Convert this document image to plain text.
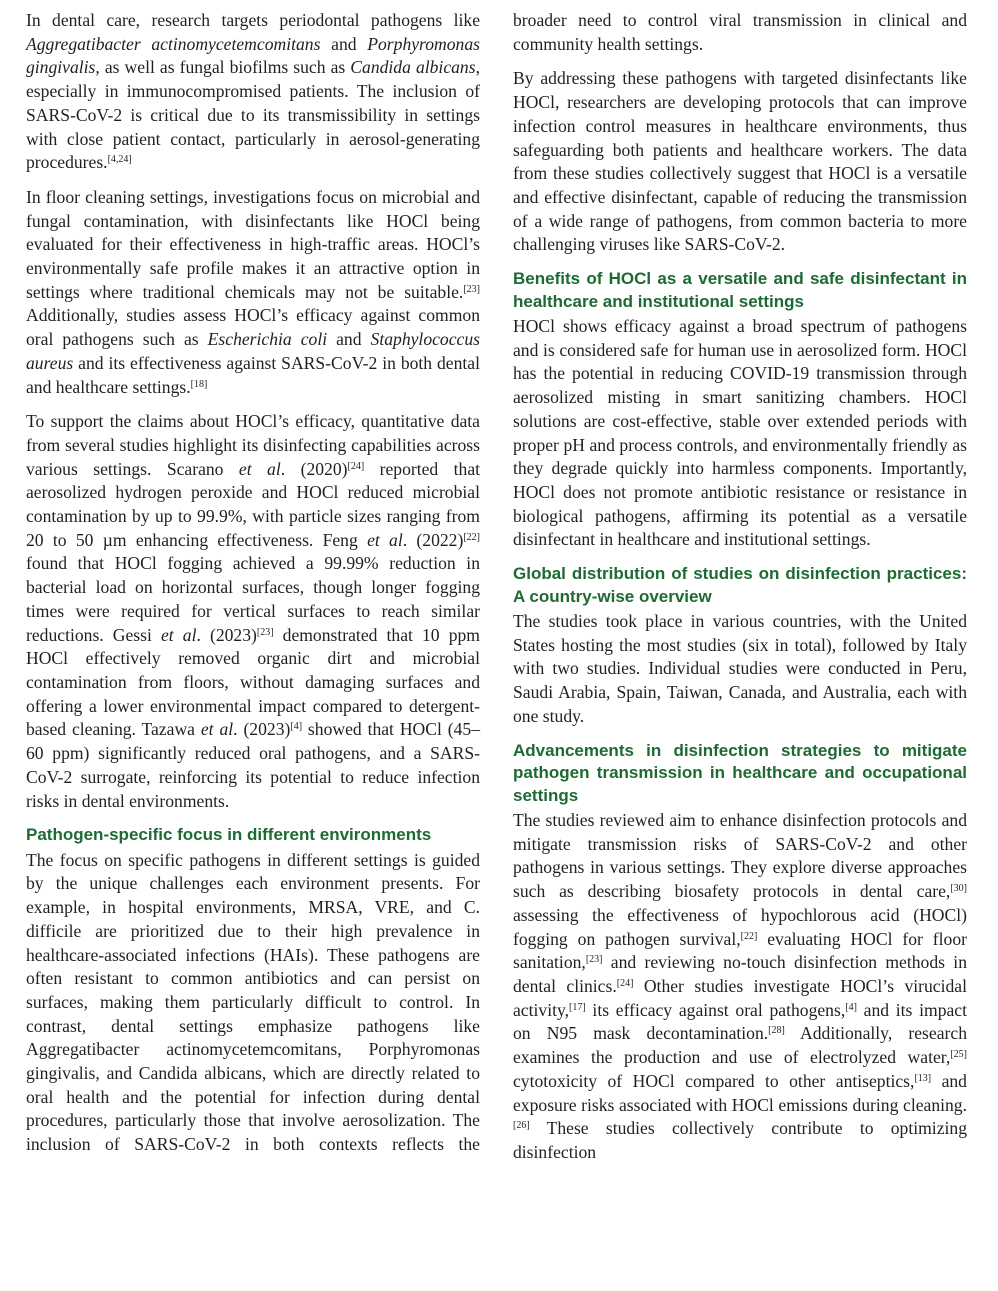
In dental care, research targets periodontal pathogens like Aggregatibacter actinomycetemcomitans and Porphyromonas gingivalis, as well as fungal biofilms such as Candida albicans, especially in immunocompromised patients. The inclusion of SARS-CoV-2 is critical due to its transmissibility in settings with close patient contact, particularly in aerosol-generating procedures.[4,24]

In floor cleaning settings, investigations focus on microbial and fungal contamination, with disinfectants like HOCl being evaluated for their effectiveness in high-traffic areas. HOCl’s environmentally safe profile makes it an attractive option in settings where traditional chemicals may not be suitable.[23] Additionally, studies assess HOCl’s efficacy against common oral pathogens such as Escherichia coli and Staphylococcus aureus and its effectiveness against SARS-CoV-2 in both dental and healthcare settings.[18]

To support the claims about HOCl’s efficacy, quantitative data from several studies highlight its disinfecting capabilities across various settings. Scarano et al. (2020)[24] reported that aerosolized hydrogen peroxide and HOCl reduced microbial contamination by up to 99.9%, with particle sizes ranging from 20 to 50 µm enhancing effectiveness. Feng et al. (2022)[22] found that HOCl fogging achieved a 99.99% reduction in bacterial load on horizontal surfaces, though longer fogging times were required for vertical surfaces to reach similar reductions. Gessi et al. (2023)[23] demonstrated that 10 ppm HOCl effectively removed organic dirt and microbial contamination from floors, without damaging surfaces and offering a lower environmental impact compared to detergent-based cleaning. Tazawa et al. (2023)[4] showed that HOCl (45–60 ppm) significantly reduced oral pathogens, and a SARS-CoV-2 surrogate, reinforcing its potential to reduce infection risks in dental environments.

Pathogen-specific focus in different environments

The focus on specific pathogens in different settings is guided by the unique challenges each environment presents. For example, in hospital environments, MRSA, VRE, and C. difficile are prioritized due to their high prevalence in healthcare-associated infections (HAIs). These pathogens are often resistant to common antibiotics and can persist on surfaces, making them particularly difficult to control. In contrast, dental settings emphasize pathogens like Aggregatibacter actinomycetemcomitans, Porphyromonas gingivalis, and Candida albicans, which are directly related to oral health and the potential for infection during dental procedures, particularly those that involve aerosolization. The inclusion of SARS-CoV-2 in both contexts reflects the

broader need to control viral transmission in clinical and community health settings.

By addressing these pathogens with targeted disinfectants like HOCl, researchers are developing protocols that can improve infection control measures in healthcare environments, thus safeguarding both patients and healthcare workers. The data from these studies collectively suggest that HOCl is a versatile and effective disinfectant, capable of reducing the transmission of a wide range of pathogens, from common bacteria to more challenging viruses like SARS-CoV-2.

Benefits of HOCl as a versatile and safe disinfectant in healthcare and institutional settings

HOCl shows efficacy against a broad spectrum of pathogens and is considered safe for human use in aerosolized form. HOCl has the potential in reducing COVID-19 transmission through aerosolized misting in smart sanitizing chambers. HOCl solutions are cost-effective, stable over extended periods with proper pH and process controls, and environmentally friendly as they degrade quickly into harmless components. Importantly, HOCl does not promote antibiotic resistance or resistance in biological pathogens, affirming its potential as a versatile disinfectant in healthcare and institutional settings.

Global distribution of studies on disinfection practices: A country-wise overview

The studies took place in various countries, with the United States hosting the most studies (six in total), followed by Italy with two studies. Individual studies were conducted in Peru, Saudi Arabia, Spain, Taiwan, Canada, and Australia, each with one study.

Advancements in disinfection strategies to mitigate pathogen transmission in healthcare and occupational settings

The studies reviewed aim to enhance disinfection protocols and mitigate transmission risks of SARS-CoV-2 and other pathogens in various settings. They explore diverse approaches such as describing biosafety protocols in dental care,[30] assessing the effectiveness of hypochlorous acid (HOCl) fogging on pathogen survival,[22] evaluating HOCl for floor sanitation,[23] and reviewing no-touch disinfection methods in dental clinics.[24] Other studies investigate HOCl’s virucidal activity,[17] its efficacy against oral pathogens,[4] and its impact on N95 mask decontamination.[28] Additionally, research examines the production and use of electrolyzed water,[25] cytotoxicity of HOCl compared to other antiseptics,[13] and exposure risks associated with HOCl emissions during cleaning.[26] These studies collectively contribute to optimizing disinfection
